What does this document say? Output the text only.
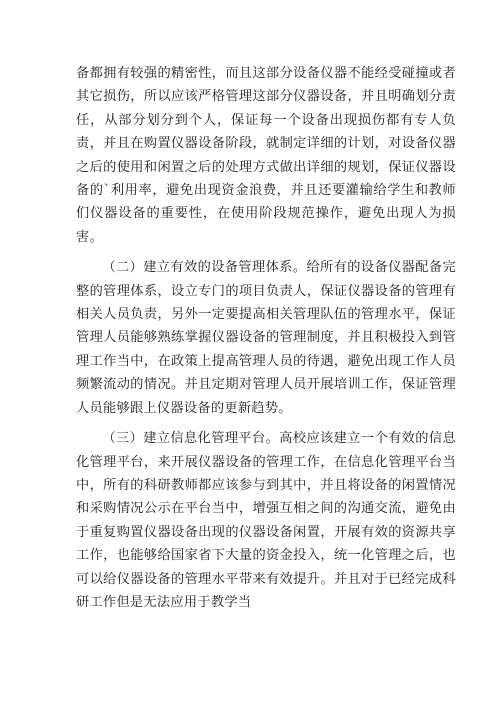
备都拥有较强的精密性，而且这部分设备仪器不能经受碰撞或者其它损伤，所以应该严格管理这部分仪器设备，并且明确划分责任，从部分划分到个人，保证每一个设备出现损伤都有专人负责，并且在购置仪器设备阶段，就制定详细的计划，对设备仪器之后的使用和闲置之后的处理方式做出详细的规划，保证仪器设备的`利用率，避免出现资金浪费，并且还要灌输给学生和教师们仪器设备的重要性，在使用阶段规范操作，避免出现人为损害。

（二）建立有效的设备管理体系。给所有的设备仪器配备完整的管理体系，设立专门的项目负责人，保证仪器设备的管理有相关人员负责，另外一定要提高相关管理队伍的管理水平，保证管理人员能够熟练掌握仪器设备的管理制度，并且积极投入到管理工作当中，在政策上提高管理人员的待遇，避免出现工作人员频繁流动的情况。并且定期对管理人员开展培训工作，保证管理人员能够跟上仪器设备的更新趋势。

（三）建立信息化管理平台。高校应该建立一个有效的信息化管理平台，来开展仪器设备的管理工作，在信息化管理平台当中，所有的科研教师都应该参与到其中，并且将设备的闲置情况和采购情况公示在平台当中，增强互相之间的沟通交流，避免由于重复购置仪器设备出现的仪器设备闲置，开展有效的资源共享工作，也能够给国家省下大量的资金投入，统一化管理之后，也可以给仪器设备的管理水平带来有效提升。并且对于已经完成科研工作但是无法应用于教学当
